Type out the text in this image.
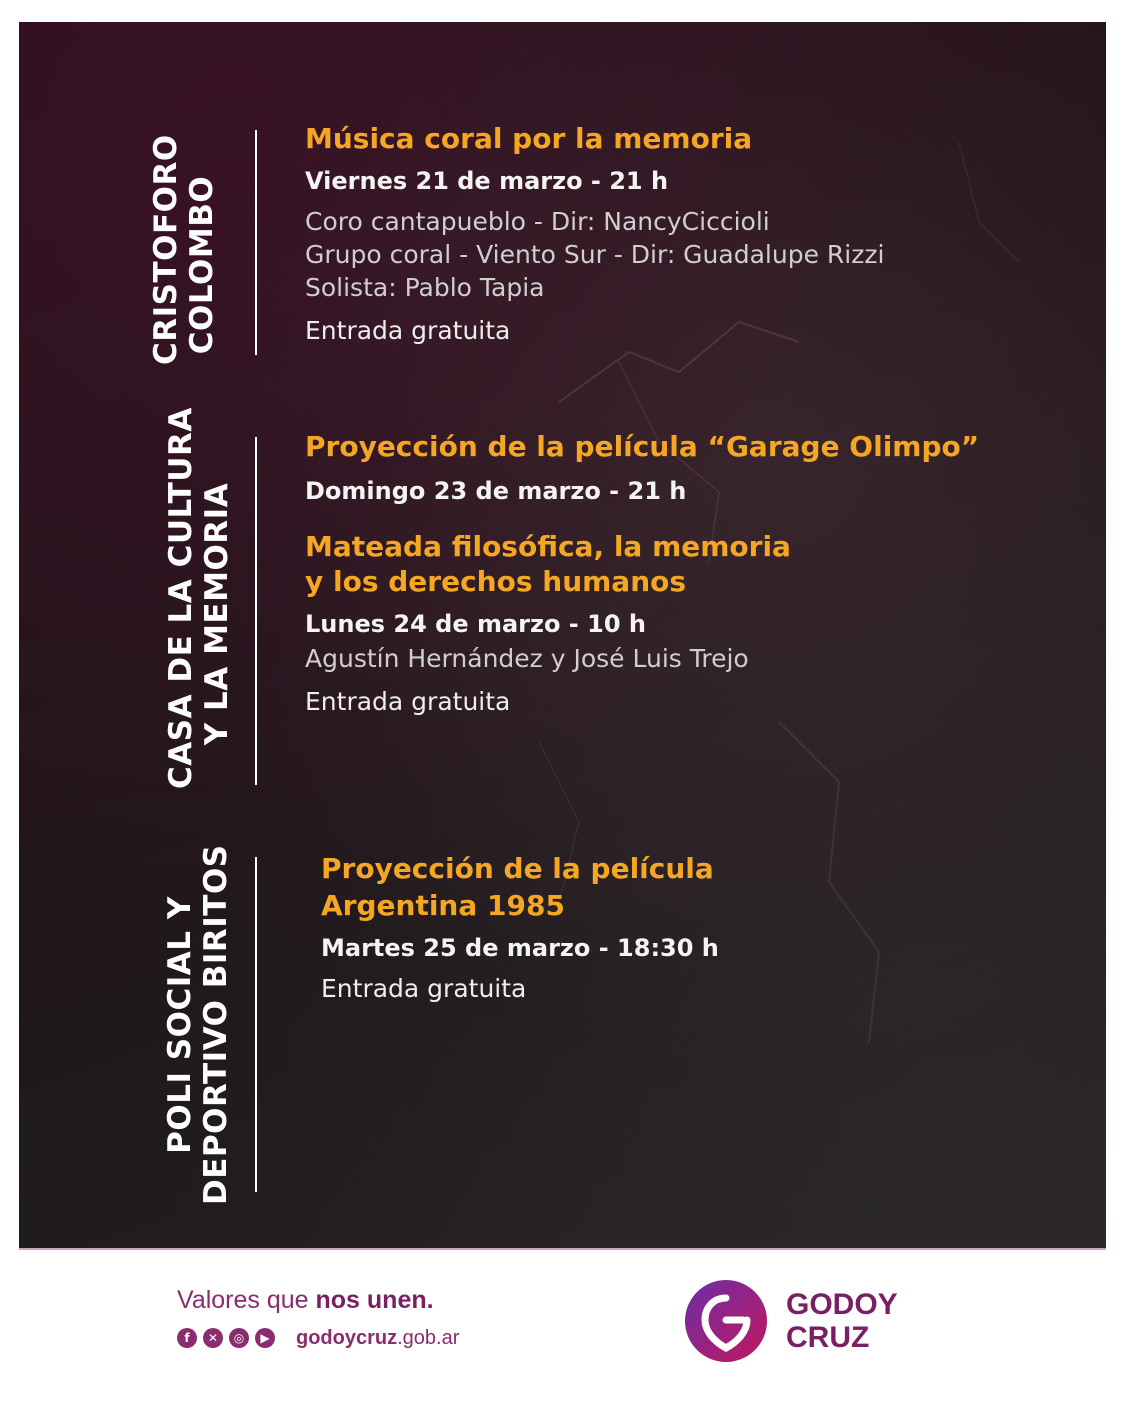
CRISTOFORO
COLOMBO
CASA DE LA CULTURA
Y LA MEMORIA
POLI SOCIAL Y
DEPORTIVO BIRITOS
Música coral por la memoria
Viernes 21 de marzo - 21 h
Coro cantapueblo - Dir: NancyCiccioli
Grupo coral - Viento Sur - Dir: Guadalupe Rizzi
Solista: Pablo Tapia
Entrada gratuita
Proyección de la película “Garage Olimpo”
Domingo 23 de marzo - 21 h
Mateada filosófica, la memoria
y los derechos humanos
Lunes 24 de marzo - 10 h
Agustín Hernández y José Luis Trejo
Entrada gratuita
Proyección de la película
Argentina 1985
Martes 25 de marzo - 18:30 h
Entrada gratuita
Valores que nos unen.
f	✕	◎	▶ godoycruz.gob.ar
GODOY
CRUZ
